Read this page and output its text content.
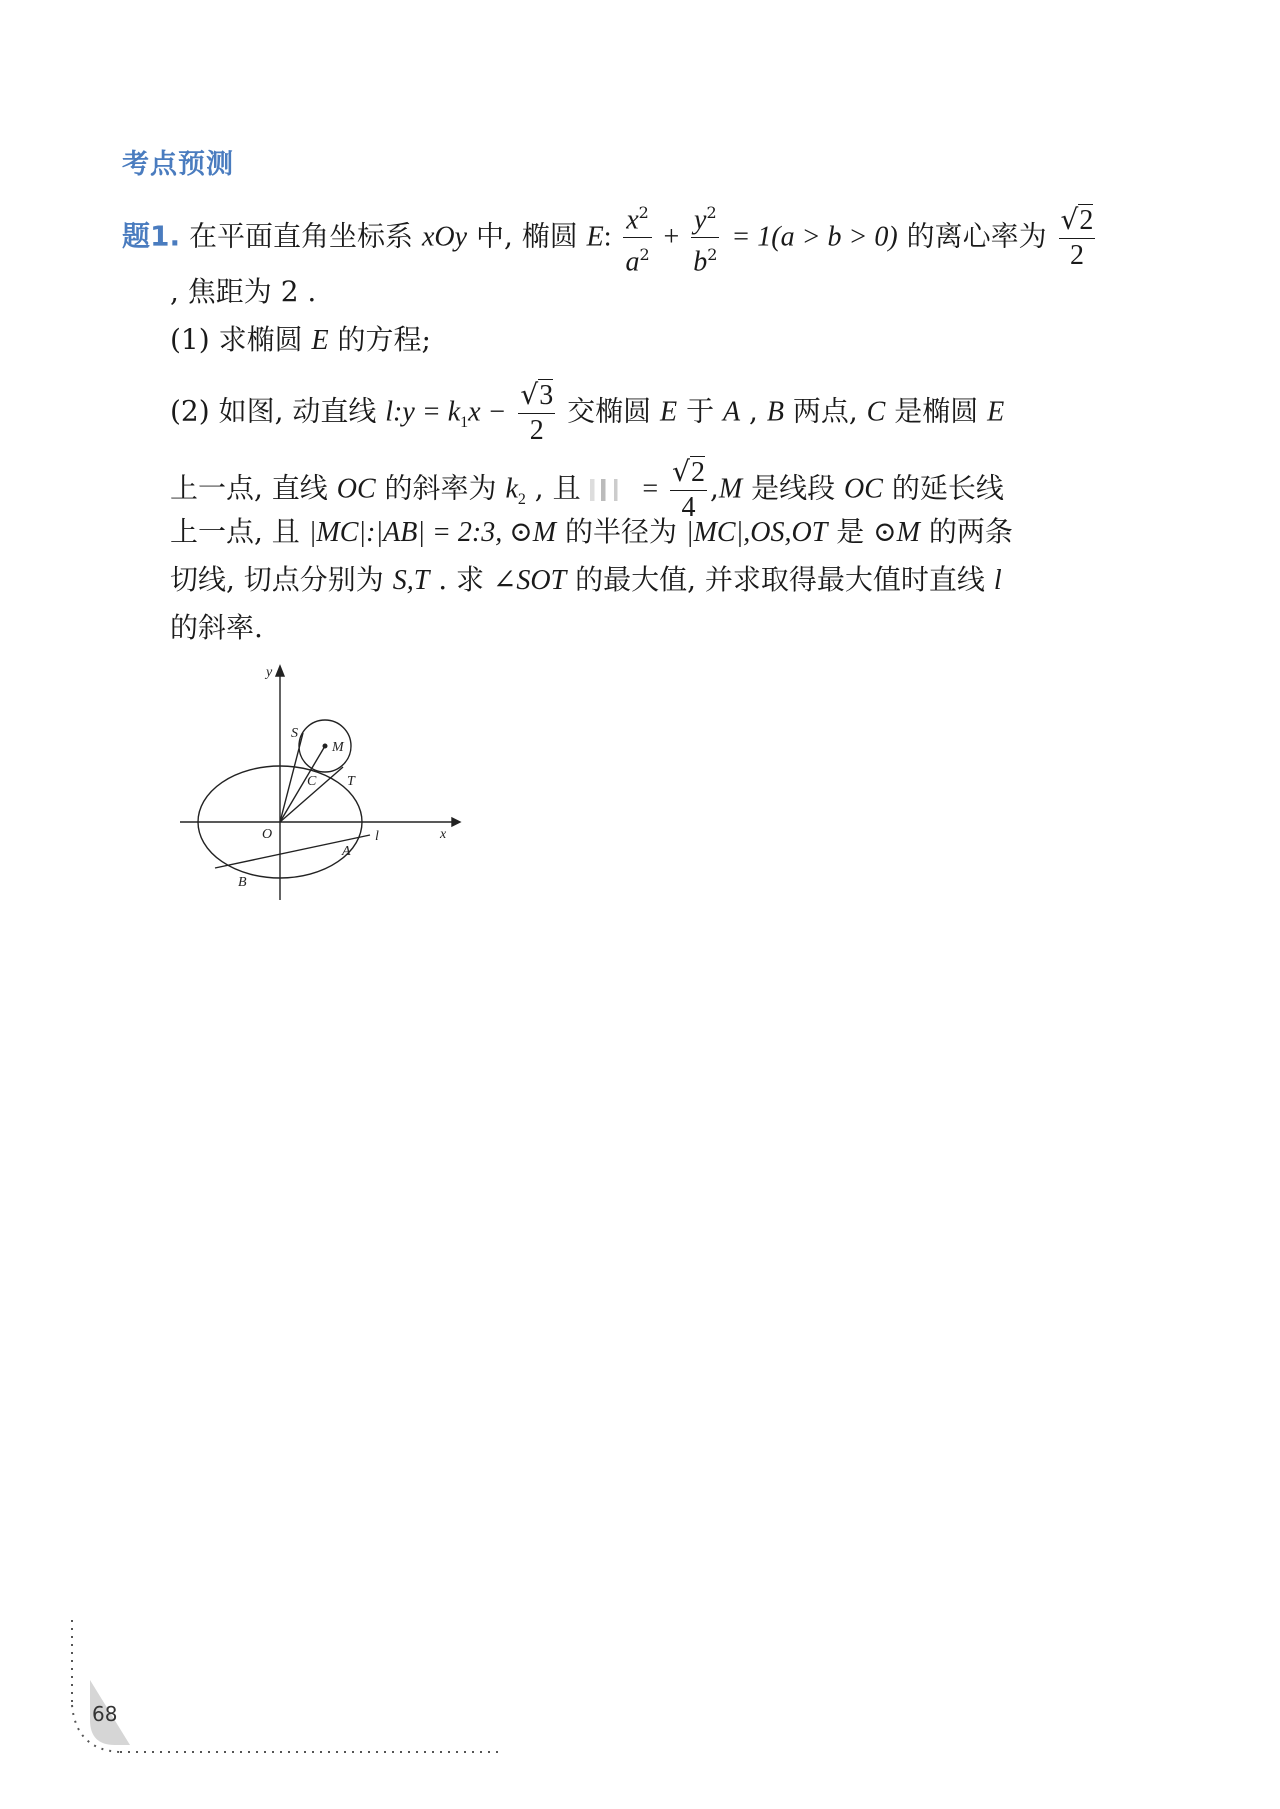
考点预测
题1. 在平面直角坐标系 xOy 中, 椭圆 E: $\frac{x^2}{a^2} + \frac{y^2}{b^2} = 1(a > b > 0)$ 的离心率为 $\frac{√2}{2}$
, 焦距为 2 .
(1) 求椭圆 E 的方程;
(2) 如图, 动直线 l:y = $k_1x - \frac{√3}{2}$ 交椭圆 E 于 A , B 两点, C 是椭圆 E
上一点, 直线 OC 的斜率为 $k_2$ , 且 = $\frac{√2}{4} ,M$ 是线段 OC 的延长线
上一点, 且 |MC|:|AB| = 2:3, ⊙M 的半径为 |MC|,OS,OT 是 ⊙M 的两条
切线, 切点分别为 S,T . 求 ∠SOT 的最大值, 并求取得最大值时直线 l
的斜率.
y
x
O
S
M
C T
A
l
B
68
